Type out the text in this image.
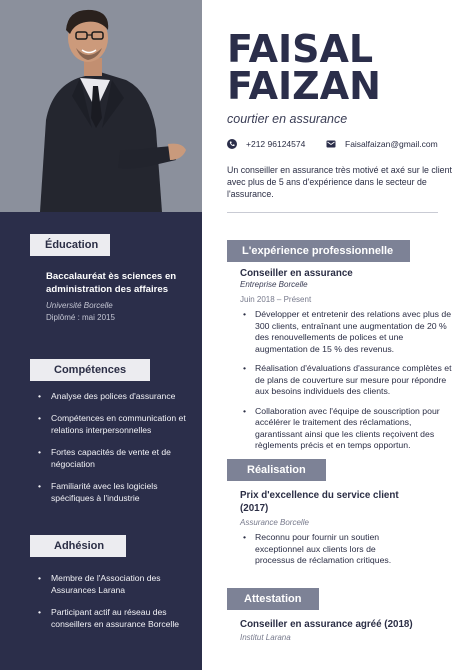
Éducation
Baccalauréat ès sciences en administration des affaires
Université Borcelle
Diplômé : mai 2015
Compétences
• Analyse des polices d'assurance
• Compétences en communication et relations interpersonnelles
• Fortes capacités de vente et de négociation
• Familiarité avec les logiciels spécifiques à l'industrie
Adhésion
• Membre de l'Association des Assurances Larana
• Participant actif au réseau des conseillers en assurance Borcelle
FAISAL
FAIZAN
courtier en assurance
+212 96124574	Faisalfaizan@gmail.com
Un conseiller en assurance très motivé et axé sur le client avec plus de 5 ans d'expérience dans le secteur de l'assurance.
L'expérience professionnelle
Conseiller en assurance
Entreprise Borcelle
Juin 2018 – Présent
• Développer et entretenir des relations avec plus de 300 clients, entraînant une augmentation de 20 % des renouvellements de polices et une augmentation de 15 % des revenus.
• Réalisation d'évaluations d'assurance complètes et de plans de couverture sur mesure pour répondre aux besoins individuels des clients.
• Collaboration avec l'équipe de souscription pour accélérer le traitement des réclamations, garantissant ainsi que les clients reçoivent des règlements précis et en temps opportun.
Réalisation
Prix d'excellence du service client (2017)
Assurance Borcelle
• Reconnu pour fournir un soutien exceptionnel aux clients lors de processus de réclamation critiques.
Attestation
Conseiller en assurance agréé (2018)
Institut Larana
